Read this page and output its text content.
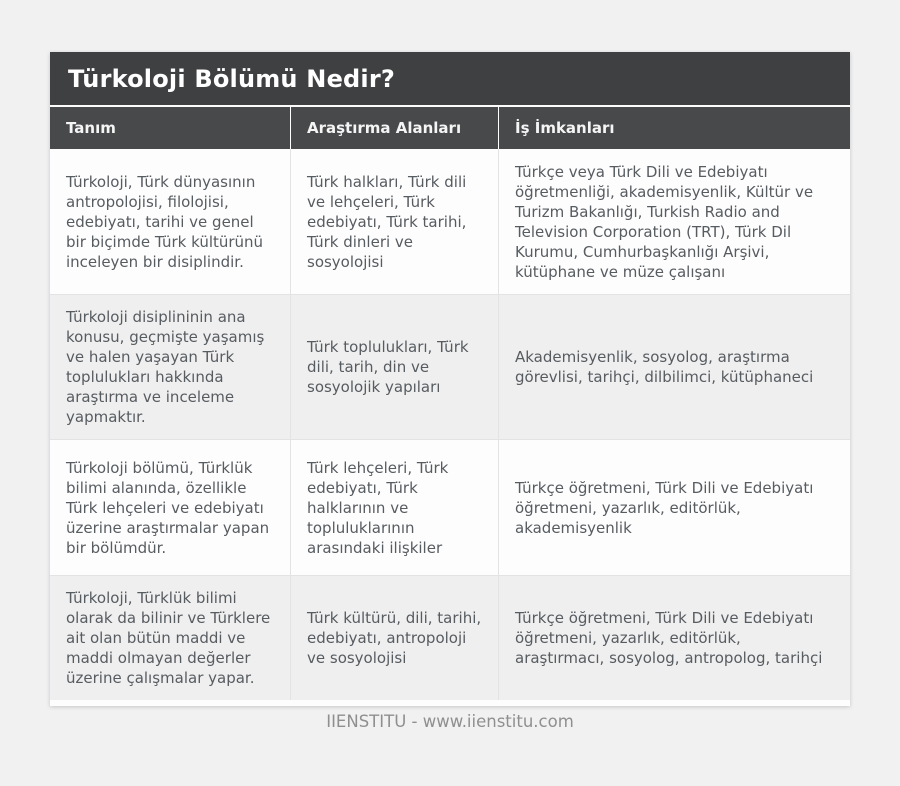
Türkoloji Bölümü Nedir?
Tanım	Araştırma Alanları	İş İmkanları
Türkoloji, Türk dünyasının antropolojisi, filolojisi, edebiyatı, tarihi ve genel bir biçimde Türk kültürünü inceleyen bir disiplindir.
Türk halkları, Türk dili ve lehçeleri, Türk edebiyatı, Türk tarihi, Türk dinleri ve sosyolojisi
Türkçe veya Türk Dili ve Edebiyatı öğretmenliği, akademisyenlik, Kültür ve Turizm Bakanlığı, Turkish Radio and Television Corporation (TRT), Türk Dil Kurumu, Cumhurbaşkanlığı Arşivi, kütüphane ve müze çalışanı
Türkoloji disiplininin ana konusu, geçmişte yaşamış ve halen yaşayan Türk toplulukları hakkında araştırma ve inceleme yapmaktır.
Türk toplulukları, Türk dili, tarih, din ve sosyolojik yapıları
Akademisyenlik, sosyolog, araştırma görevlisi, tarihçi, dilbilimci, kütüphaneci
Türkoloji bölümü, Türklük bilimi alanında, özellikle Türk lehçeleri ve edebiyatı üzerine araştırmalar yapan bir bölümdür.
Türk lehçeleri, Türk edebiyatı, Türk halklarının ve topluluklarının arasındaki ilişkiler
Türkçe öğretmeni, Türk Dili ve Edebiyatı öğretmeni, yazarlık, editörlük, akademisyenlik
Türkoloji, Türklük bilimi olarak da bilinir ve Türklere ait olan bütün maddi ve maddi olmayan değerler üzerine çalışmalar yapar.
Türk kültürü, dili, tarihi, edebiyatı, antropoloji ve sosyolojisi
Türkçe öğretmeni, Türk Dili ve Edebiyatı öğretmeni, yazarlık, editörlük, araştırmacı, sosyolog, antropolog, tarihçi
IIENSTITU - www.iienstitu.com
